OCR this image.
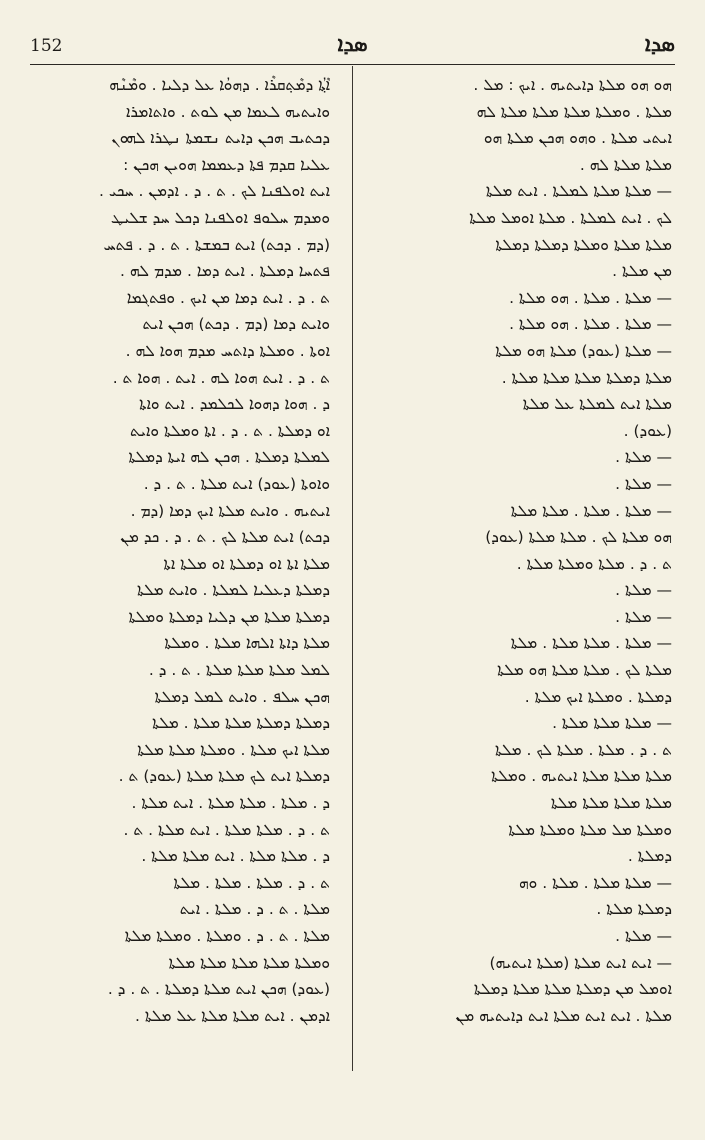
152	ܣܕܐ	ܣܕܐ
ܐܶܬ݂ܳܐ ܕܡܶܬ݂ܩܪܶܐ . ܕܗܘܳܐ ܥܠ ܕܠܝܐ . ܘܡܶܢܶܗ
ܘܐܝܬܝܗ ܠܥܡܐ ܡܢ ܠܘܬ . ܘܐܬܐܡܪܐ
ܕܟܬܝܒ ܗܟܢ ܕܐܝܬ ܢܫܡܬܐ ܢܛܪܐ ܠܗܘܢ
ܥܠܝܐ ܩܕܡ ܦܬܐ ܕܥܡܡܐ ܗܘܝܢ ܗܟܢ :
ܐܝܬ ܐܘܠܦܢܐ ܠܟ . ܬ . ܕ . ܐܕܡܢ . ܚܟܝ .
ܘܡܕܡ ܚܠܘܦ ܐܘܠܦܢܐ ܕܟܠ ܚܕ ܫܠܝܛ
(ܕܡ . ܕܟܬ) ܐܝܬ ܒܡܫܬܐ . ܬ . ܕ . ܦܬܚ
ܦܬܚܐ ܕܡܠܬܐ . ܐܝܬ ܕܡܐ . ܡܕܡ ܠܗ .
ܬ . ܕ . ܐܝܬ ܕܡܐ ܡܢ ܐܝܟ . ܘܦܬܓܡܐ
ܘܐܝܬ ܕܡܐ (ܕܡ . ܕܟܬ) ܗܟܢ ܐܝܬ
ܐܘܬܐ . ܘܡܠܬܐ ܕܐܬܚ ܡܕܡ ܗܘܐ ܠܗ .
ܬ . ܕ . ܐܝܬ ܗܘܐ ܠܗ . ܐܝܬ . ܗܘܐ ܬ .
ܕ . ܗܘܐ ܕܗܘܐ ܠܟܠܡܕ . ܐܝܬ ܘܐܬܐ
ܐܘ ܕܡܠܬܐ . ܬ . ܕ . ܐܬܐ ܘܡܠܬܐ ܘܐܝܬ
ܠܡܠܬܐ ܕܡܠܬܐ . ܗܟܢ ܠܗ ܐܝܬܐ ܕܡܠܬܐ
ܘܐܘܬܐ (ܥܘܕ) ܐܝܬ ܡܠܬܐ . ܬ . ܕ .
ܐܝܬܝܗ . ܘܐܝܬ ܡܠܬܐ ܐܝܟ ܕܡܐ (ܕܡ .
ܕܟܬ) ܐܝܬ ܡܠܬܐ ܠܟ . ܬ . ܕ . ܟܕ ܡܢ
ܡܠܬܐ ܐܬܐ ܐܘ ܕܡܠܬܐ ܐܘ ܡܠܬܐ ܐܬܐ
ܕܡܠܬܐ ܕܥܠܝܐ ܠܡܠܬܐ . ܘܐܝܬ ܡܠܬܐ
ܕܡܠܬܐ ܡܠܬܐ ܡܢ ܕܠܝܐ ܕܡܠܬܐ ܘܡܠܬܐ
ܡܠܬܐ ܕܐܬܐ ܐܠܗܐ ܡܠܬܐ . ܘܡܠܬܐ
ܠܡܠ ܡܠܬܐ ܡܠܬܐ ܡܠܬܐ . ܬ . ܕ .
ܗܟܢ ܚܠܦ . ܘܐܝܬ ܠܡܠ ܕܡܠܬܐ
ܕܡܠܬܐ ܕܡܠܬܐ ܡܠܬܐ ܡܠܬܐ . ܡܠܬܐ
ܡܠܬܐ ܐܝܟ ܡܠܬܐ . ܘܡܠܬܐ ܡܠܬܐ ܡܠܬܐ
ܕܡܠܬܐ ܐܝܬ ܠܟ ܡܠܬܐ ܡܠܬܐ (ܥܘܕ) ܬ .
ܕ . ܡܠܬܐ . ܡܠܬܐ ܡܠܬܐ . ܐܝܬ ܡܠܬܐ .
ܬ . ܕ . ܡܠܬܐ ܡܠܬܐ . ܐܝܬ ܡܠܬܐ . ܬ .
ܕ . ܡܠܬܐ ܡܠܬܐ . ܐܝܬ ܡܠܬܐ ܡܠܬܐ .
ܬ . ܕ . ܡܠܬܐ . ܡܠܬܐ . ܡܠܬܐ
ܡܠܬܐ . ܬ . ܕ . ܡܠܬܐ . ܐܝܬ
ܡܠܬܐ . ܬ . ܕ . ܘܡܠܬܐ . ܘܡܠܬܐ ܡܠܬܐ
ܘܡܠܬܐ ܡܠܬܐ ܡܠܬܐ ܡܠܬܐ ܡܠܬܐ
(ܥܘܕ) ܗܟܢ ܐܝܬ ܡܠܬܐ ܕܡܠܬܐ . ܬ . ܕ .
ܐܕܡܢ . ܐܝܬ ܡܠܬܐ ܡܠܬܐ ܥܠ ܡܠܬܐ .
ܗܘ ܗܘ ܡܠܬܐ ܕܐܝܬܝܗ . ܐܝܟ : ܡܠ .
ܡܠܬܐ . ܘܡܠܬܐ ܡܠܬܐ ܡܠܬܐ ܡܠܬܐ ܠܗ
ܐܝܬܝ ܡܠܬܐ . ܘܗܘ ܗܟܢ ܡܠܬܐ ܗܘ
ܡܠܬܐ ܡܠܬܐ ܠܗ .
— ܡܠܬܐ ܡܠܬܐ ܠܡܠܬܐ . ܐܝܬ ܡܠܬܐ
ܠܟ . ܐܝܬ ܠܡܠܬܐ . ܡܠܬܐ ܐܘܡܠ ܡܠܬܐ
ܡܠܬܐ ܡܠܬܐ ܘܡܠܬܐ ܕܡܠܬܐ ܕܡܠܬܐ
ܡܢ ܡܠܬܐ .
— ܡܠܬܐ . ܡܠܬܐ . ܗܘ ܡܠܬܐ .
— ܡܠܬܐ . ܡܠܬܐ . ܗܘ ܡܠܬܐ .
— ܡܠܬܐ (ܥܘܕ) ܡܠܬܐ ܗܘ ܡܠܬܐ
ܡܠܬܐ ܕܡܠܬܐ ܡܠܬܐ ܡܠܬܐ ܡܠܬܐ .
ܡܠܬܐ ܐܝܬ ܠܡܠܬܐ ܥܠ ܡܠܬܐ
(ܥܘܕ) .
— ܡܠܬܐ .
— ܡܠܬܐ .
— ܡܠܬܐ . ܡܠܬܐ . ܡܠܬܐ ܡܠܬܐ
ܗܘ ܡܠܬܐ ܠܟ . ܡܠܬܐ ܡܠܬܐ (ܥܘܕ)
ܬ . ܕ . ܡܠܬܐ ܘܡܠܬܐ ܡܠܬܐ .
— ܡܠܬܐ .
— ܡܠܬܐ .
— ܡܠܬܐ . ܡܠܬܐ ܡܠܬܐ . ܡܠܬܐ
ܡܠܬܐ ܠܟ . ܡܠܬܐ ܡܠܬܐ ܗܘ ܡܠܬܐ
ܕܡܠܬܐ . ܘܡܠܬܐ ܐܝܟ ܡܠܬܐ .
— ܡܠܬܐ ܡܠܬܐ ܡܠܬܐ .
ܬ . ܕ . ܡܠܬܐ . ܡܠܬܐ ܠܟ . ܡܠܬܐ
ܡܠܬܐ ܡܠܬܐ ܡܠܬܐ ܐܝܬܝܗ . ܘܡܠܬܐ
ܡܠܬܐ ܡܠܬܐ ܡܠܬܐ ܡܠܬܐ
ܘܡܠܬܐ ܡܠ ܡܠܬܐ ܘܡܠܬܐ ܡܠܬܐ
ܕܡܠܬܐ .
— ܡܠܬܐ ܡܠܬܐ . ܡܠܬܐ . ܘܗ
ܕܡܠܬܐ ܡܠܬܐ .
— ܡܠܬܐ .
— ܐܝܬ ܐܝܬ ܡܠܬܐ (ܡܠܬܐ ܐܝܬܝܗ)
ܐܘܡܠ ܡܢ ܕܡܠܬܐ ܡܠܬܐ ܡܠܬܐ ܕܡܠܬܐ
ܡܠܬܐ . ܐܝܬ ܐܝܬ ܡܠܬܐ ܐܝܬ ܕܐܝܬܝܗ ܡܢ
